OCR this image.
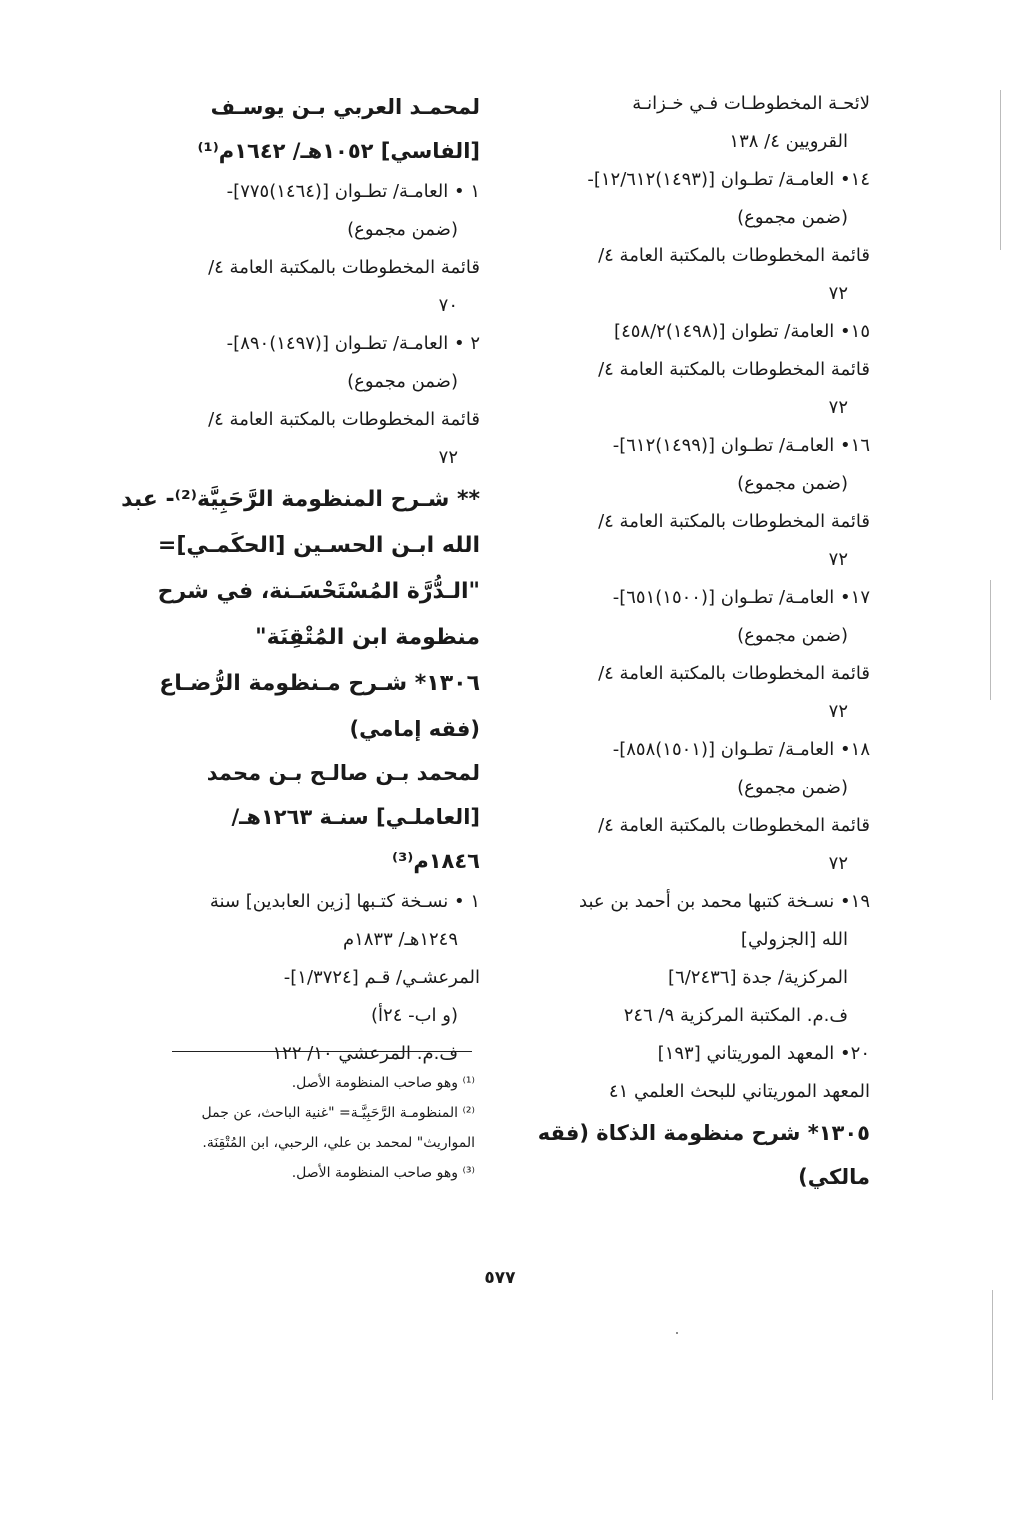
لائحـة المخطوطـات فـي خـزانـة
القرويين ٤/ ١٣٨
١٤• العامـة/ تطـوان [(١٤٩٣)١٢/٦١٢]-
(ضمن مجموع)
قائمة المخطوطات بالمكتبة العامة ٤/
٧٢
١٥• العامة/ تطوان [(١٤٩٨)٤٥٨/٢]
قائمة المخطوطات بالمكتبة العامة ٤/
٧٢
١٦• العامـة/ تطـوان [(١٤٩٩)٦١٢]-
(ضمن مجموع)
قائمة المخطوطات بالمكتبة العامة ٤/
٧٢
١٧• العامـة/ تطـوان [(١٥٠٠)٦٥١]-
(ضمن مجموع)
قائمة المخطوطات بالمكتبة العامة ٤/
٧٢
١٨• العامـة/ تطـوان [(١٥٠١)٨٥٨]-
(ضمن مجموع)
قائمة المخطوطات بالمكتبة العامة ٤/
٧٢
١٩• نسـخة كتبها محمد بن أحمد بن عبد
الله [الجزولي]
المركزية/ جدة [٦/٢٤٣٦]
ف.م. المكتبة المركزية ٩/ ٢٤٦
٢٠• المعهد الموريتاني [١٩٣]
المعهد الموريتاني للبحث العلمي ٤١
١٣٠٥* شرح منظومة الذكاة (فقه
مالكي)
لمحمـد العربي بـن يوسـف
[الفاسي] ١٠٥٢هـ/ ١٦٤٢م⁽¹⁾
١ • العامـة/ تطـوان [(١٤٦٤)٧٧٥]-
(ضمن مجموع)
قائمة المخطوطات بالمكتبة العامة ٤/
٧٠
٢ • العامـة/ تطـوان [(١٤٩٧)٨٩٠]-
(ضمن مجموع)
قائمة المخطوطات بالمكتبة العامة ٤/
٧٢
** شـرح المنظومة الرَّحَبِيَّة⁽²⁾- عبد
الله ابـن الحسـين [الحكَمـي]=
"الـدُّرَّة المُسْتَحْسَـنة، في شرح
منظومة ابن المُتْقِنَة"
١٣٠٦* شـرح مـنظومة الرُّضـاع
(فقه إمامي)
لمحمد بـن صالـح بـن محمد
[العاملـي] سنـة ١٢٦٣هـ/
١٨٤٦م⁽³⁾
١ • نسـخة كتـبها [زين العابدين] سنة
١٢٤٩هـ/ ١٨٣٣م
المرعشـي/ قـم [١/٣٧٢٤]-
(و اب- ٢٤أ)
ف.م. المرعشي ١٠/ ١٢٢
⁽¹⁾ وهو صاحب المنظومة الأصل.
⁽²⁾ المنظومـة الرَّحَبِيَّـة= "غنية الباحث، عن جمل
المواريث" لمحمد بن علي، الرحبي، ابن المُتْقِنَة.
⁽³⁾ وهو صاحب المنظومة الأصل.
٥٧٧
